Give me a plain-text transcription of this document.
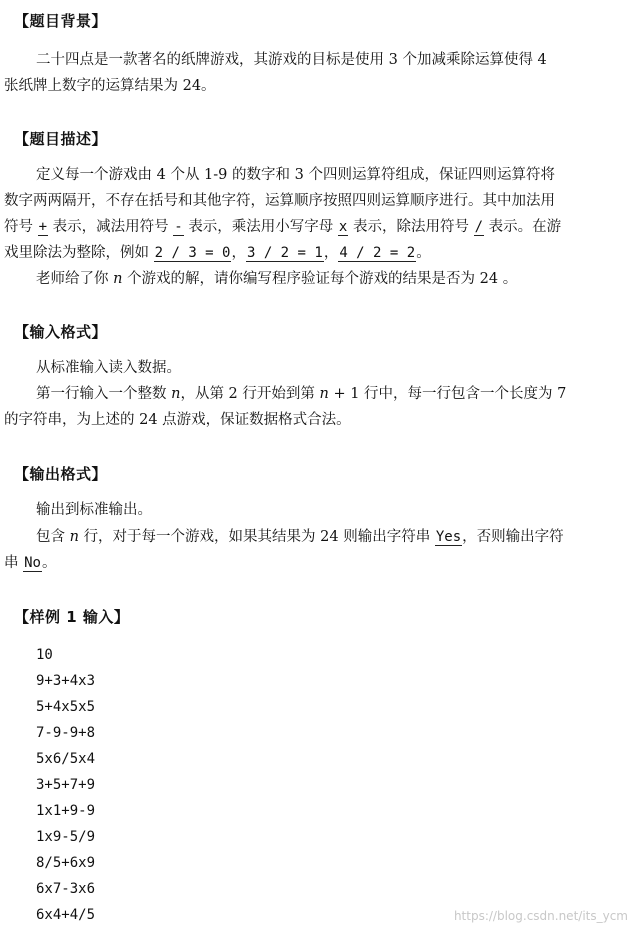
【题目背景】
二十四点是一款著名的纸牌游戏，其游戏的目标是使用 3 个加减乘除运算使得 4
张纸牌上数字的运算结果为 24。
【题目描述】
定义每一个游戏由 4 个从 1-9 的数字和 3 个四则运算符组成，保证四则运算符将
数字两两隔开，不存在括号和其他字符，运算顺序按照四则运算顺序进行。其中加法用
符号 + 表示，减法用符号 - 表示，乘法用小写字母 x 表示，除法用符号 / 表示。在游
戏里除法为整除，例如 2 / 3 = 0，3 / 2 = 1，4 / 2 = 2。
老师给了你 n 个游戏的解，请你编写程序验证每个游戏的结果是否为 24 。
【输入格式】
从标准输入读入数据。
第一行输入一个整数 n，从第 2 行开始到第 n + 1 行中，每一行包含一个长度为 7
的字符串，为上述的 24 点游戏，保证数据格式合法。
【输出格式】
输出到标准输出。
包含 n 行，对于每一个游戏，如果其结果为 24 则输出字符串 Yes，否则输出字符
串 No。
【样例 1 输入】
10
9+3+4x3
5+4x5x5
7-9-9+8
5x6/5x4
3+5+7+9
1x1+9-9
1x9-5/9
8/5+6x9
6x7-3x6
6x4+4/5	https://blog.csdn.net/its_ycm
